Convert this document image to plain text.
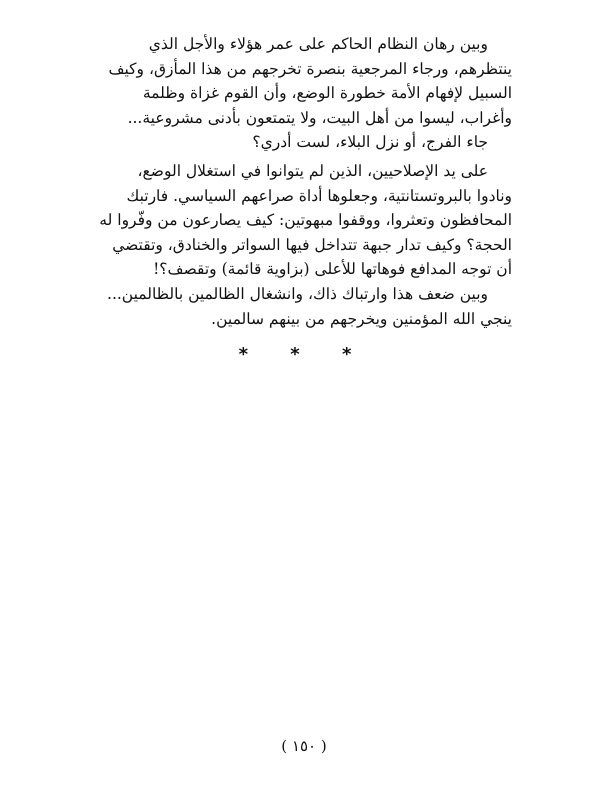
وبين رهان النظام الحاكم على عمر هؤلاء والأجل الذي
ينتظرهم، ورجاء المرجعية بنصرة تخرجهم من هذا المأزق، وكيف
السبيل لإفهام الأمة خطورة الوضع، وأن القوم غزاة وظلمة
وأغراب، ليسوا من أهل البيت، ولا يتمتعون بأدنى مشروعية...
جاء الفرج، أو نزل البلاء، لست أدري؟
على يد الإصلاحيين، الذين لم يتوانوا في استغلال الوضع،
ونادوا بالبروتستانتية، وجعلوها أداة صراعهم السياسي. فارتبك
المحافظون وتعثروا، ووقفوا مبهوتين: كيف يصارعون من وفّروا له
الحجة؟ وكيف تدار جبهة تتداخل فيها السواتر والخنادق، وتقتضي
أن توجه المدافع فوهاتها للأعلى (بزاوية قائمة) وتقصف؟!
وبين ضعف هذا وارتباك ذاك، وانشغال الظالمين بالظالمين...
ينجي الله المؤمنين ويخرجهم من بينهم سالمين.
* * *
( ١٥٠ )
